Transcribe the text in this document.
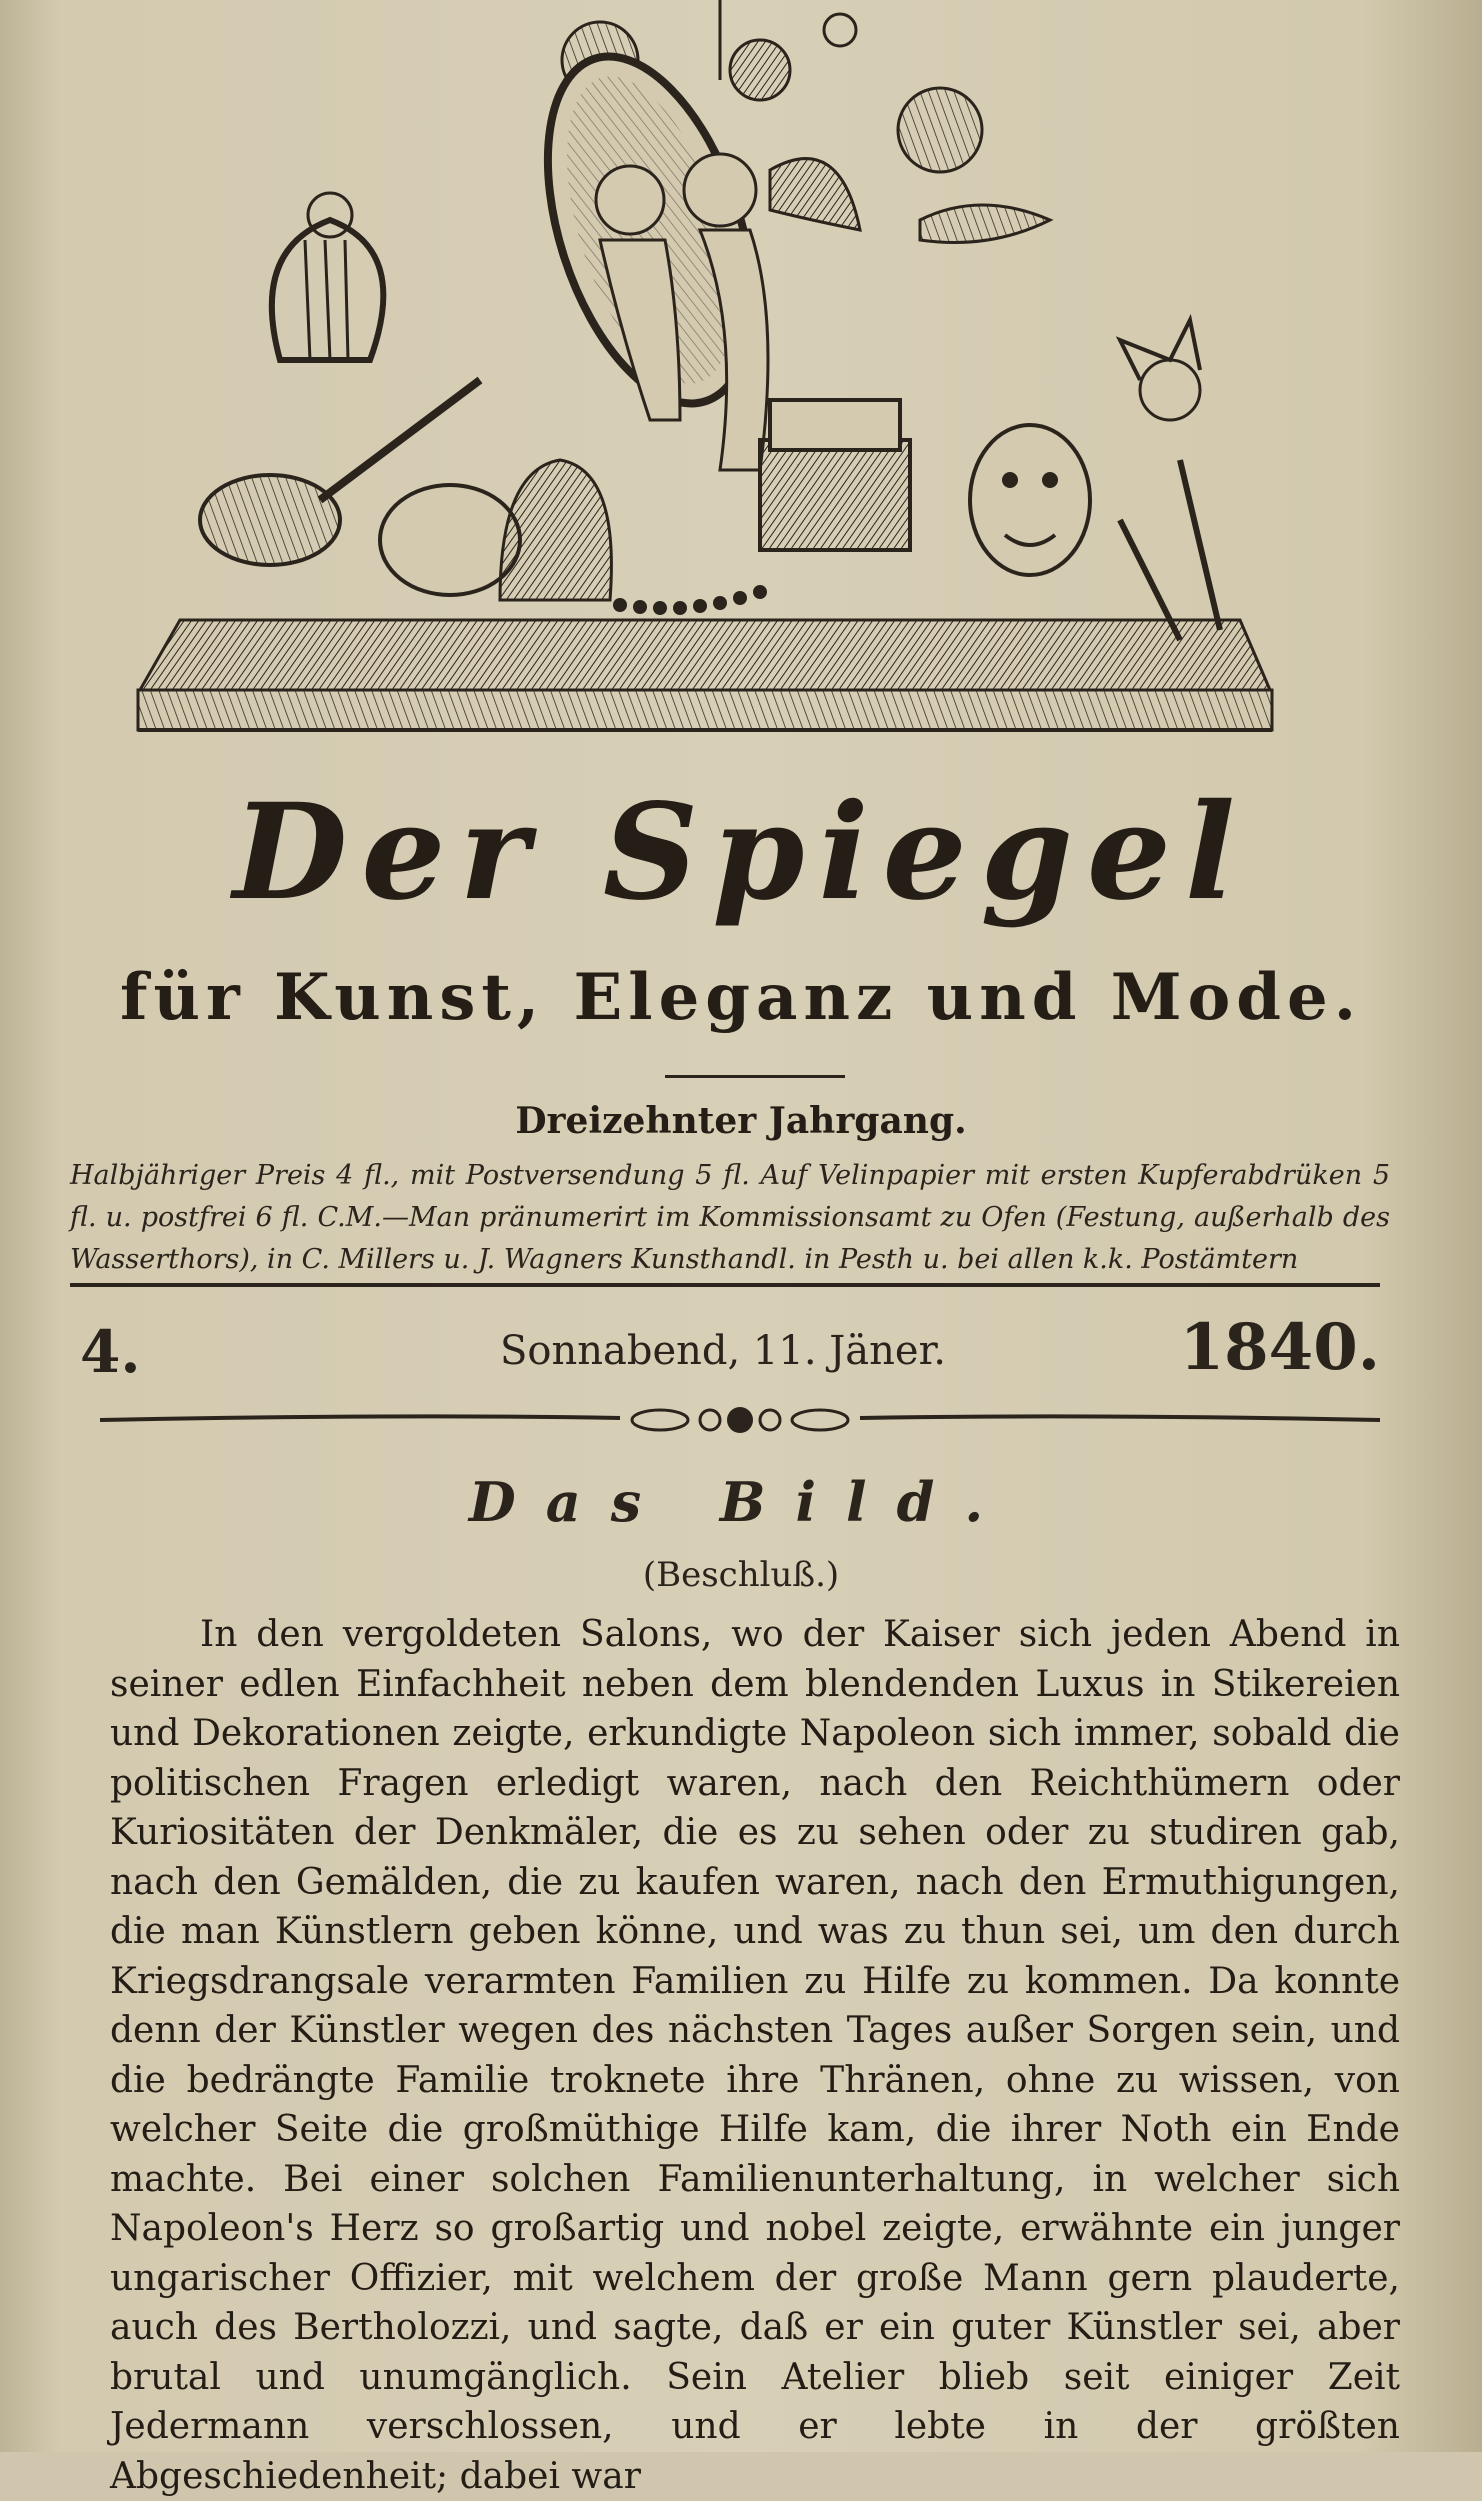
Der Spiegel
für Kunst, Eleganz und Mode.
Dreizehnter Jahrgang.
Halbjähriger Preis 4 fl., mit Postversendung 5 fl. Auf Velinpapier mit ersten Kupferabdrüken 5 fl. u. postfrei 6 fl. C.M.—Man pränumerirt im Kommissionsamt zu Ofen (Festung, außerhalb des Wasserthors), in C. Millers u. J. Wagners Kunsthandl. in Pesth u. bei allen k.k. Postämtern
4.	Sonnabend, 11. Jäner.	1840.
Das Bild.
(Beschluß.)
In den vergoldeten Salons, wo der Kaiser sich jeden Abend in seiner edlen Einfachheit neben dem blendenden Luxus in Stikereien und Dekorationen zeigte, erkundigte Napoleon sich immer, sobald die politischen Fragen erledigt waren, nach den Reichthümern oder Kuriositäten der Denkmäler, die es zu sehen oder zu studiren gab, nach den Gemälden, die zu kaufen waren, nach den Ermuthigungen, die man Künstlern geben könne, und was zu thun sei, um den durch Kriegsdrangsale verarmten Familien zu Hilfe zu kommen. Da konnte denn der Künstler wegen des nächsten Tages außer Sorgen sein, und die bedrängte Familie troknete ihre Thränen, ohne zu wissen, von welcher Seite die großmüthige Hilfe kam, die ihrer Noth ein Ende machte. Bei einer solchen Familienunterhaltung, in welcher sich Napoleon's Herz so großartig und nobel zeigte, erwähnte ein junger ungarischer Offizier, mit welchem der große Mann gern plauderte, auch des Bertholozzi, und sagte, daß er ein guter Künstler sei, aber brutal und unumgänglich. Sein Atelier blieb seit einiger Zeit Jedermann verschlossen, und er lebte in der größten Abgeschiedenheit; dabei war
